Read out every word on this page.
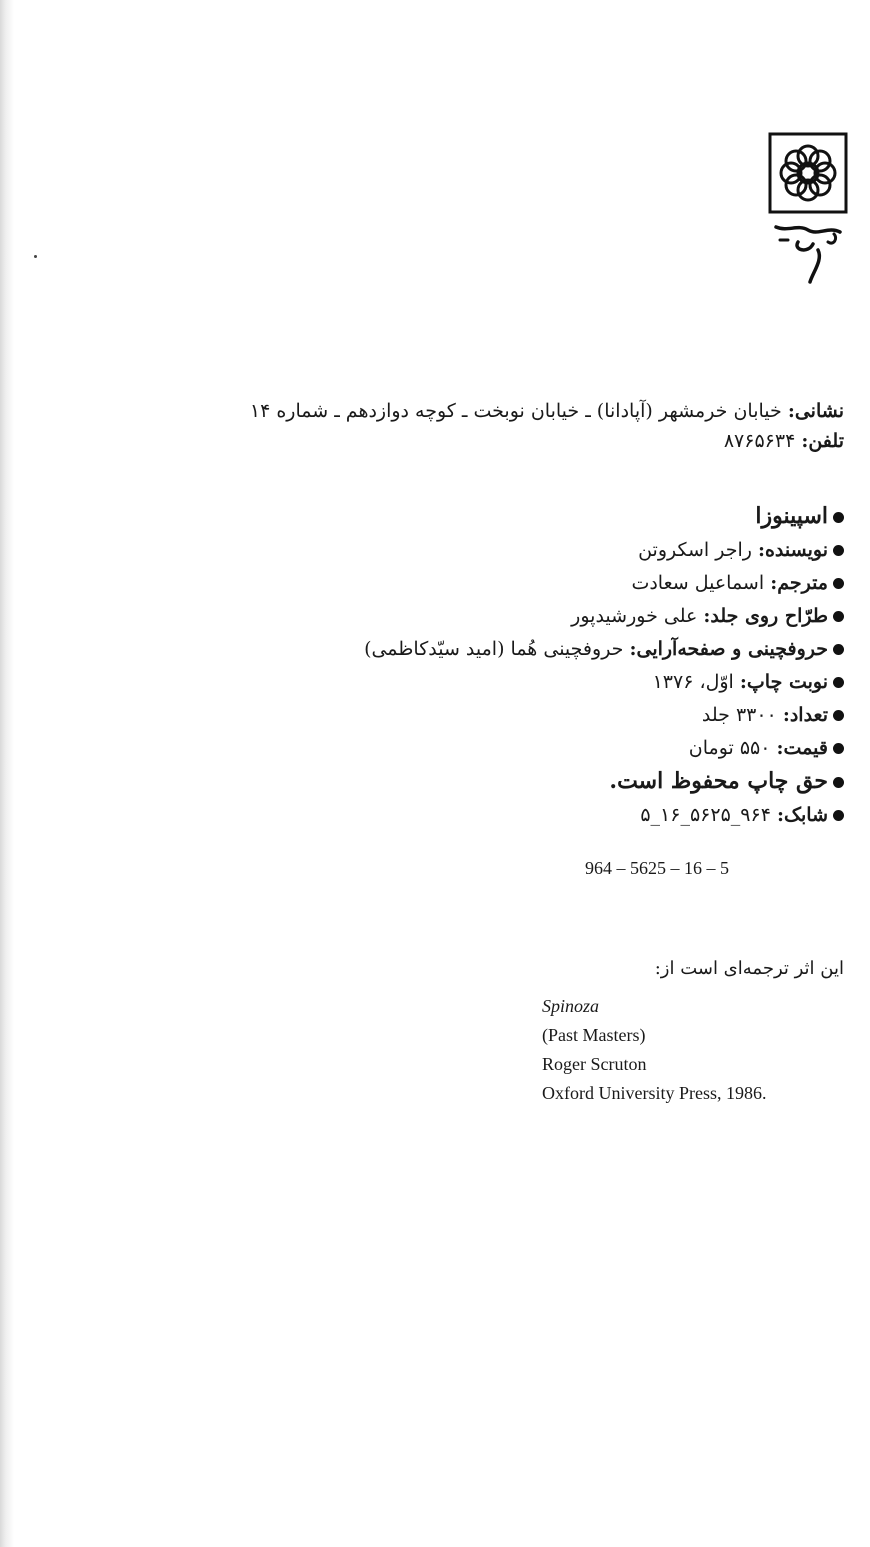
نشانی: خیابان خرمشهر (آپادانا) ـ خیابان نوبخت ـ کوچه دوازدهم ـ شماره ۱۴
تلفن: ۸۷۶۵۶۳۴
اسپینوزا
نویسنده: راجر اسکروتن
مترجم: اسماعیل سعادت
طرّاح روی جلد: علی خورشیدپور
حروفچینی و صفحه‌آرایی: حروفچینی هُما (امید سیّدکاظمی)
نوبت چاپ: اوّل، ۱۳۷۶
تعداد: ۳۳۰۰ جلد
قیمت: ۵۵۰ تومان
حق چاپ محفوظ است.
شابک: ۹۶۴_۵۶۲۵_۱۶_۵
964 – 5625 – 16 – 5
این اثر ترجمه‌ای است از:
Spinoza
(Past Masters)
Roger Scruton
Oxford University Press, 1986.
